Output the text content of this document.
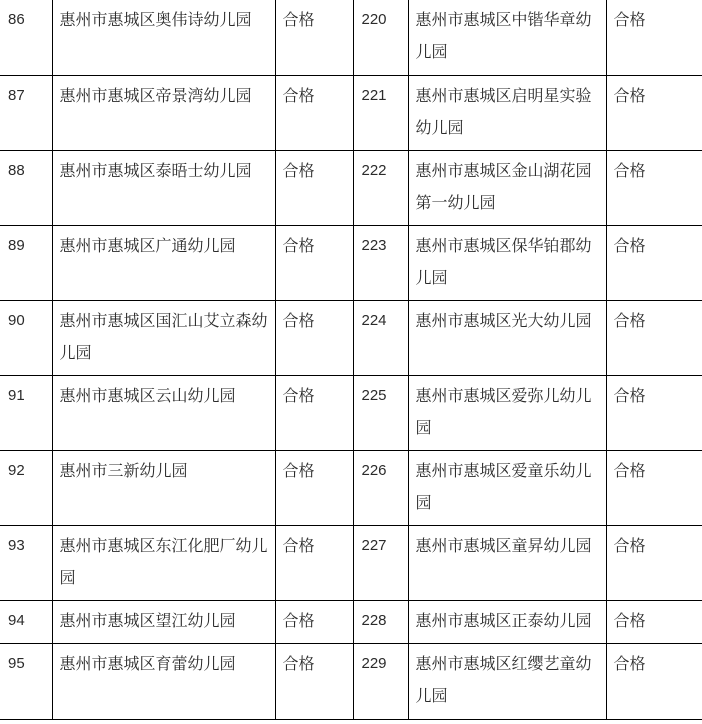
86	惠州市惠城区奥伟诗幼儿园	合格	220	惠州市惠城区中锴华章幼儿园	合格
87	惠州市惠城区帝景湾幼儿园	合格	221	惠州市惠城区启明星实验幼儿园	合格
88	惠州市惠城区泰晤士幼儿园	合格	222	惠州市惠城区金山湖花园第一幼儿园	合格
89	惠州市惠城区广通幼儿园	合格	223	惠州市惠城区保华铂郡幼儿园	合格
90	惠州市惠城区国汇山艾立森幼儿园	合格	224	惠州市惠城区光大幼儿园	合格
91	惠州市惠城区云山幼儿园	合格	225	惠州市惠城区爱弥儿幼儿园	合格
92	惠州市三新幼儿园	合格	226	惠州市惠城区爱童乐幼儿园	合格
93	惠州市惠城区东江化肥厂幼儿园	合格	227	惠州市惠城区童昇幼儿园	合格
94	惠州市惠城区望江幼儿园	合格	228	惠州市惠城区正泰幼儿园	合格
95	惠州市惠城区育蕾幼儿园	合格	229	惠州市惠城区红缨艺童幼儿园	合格
